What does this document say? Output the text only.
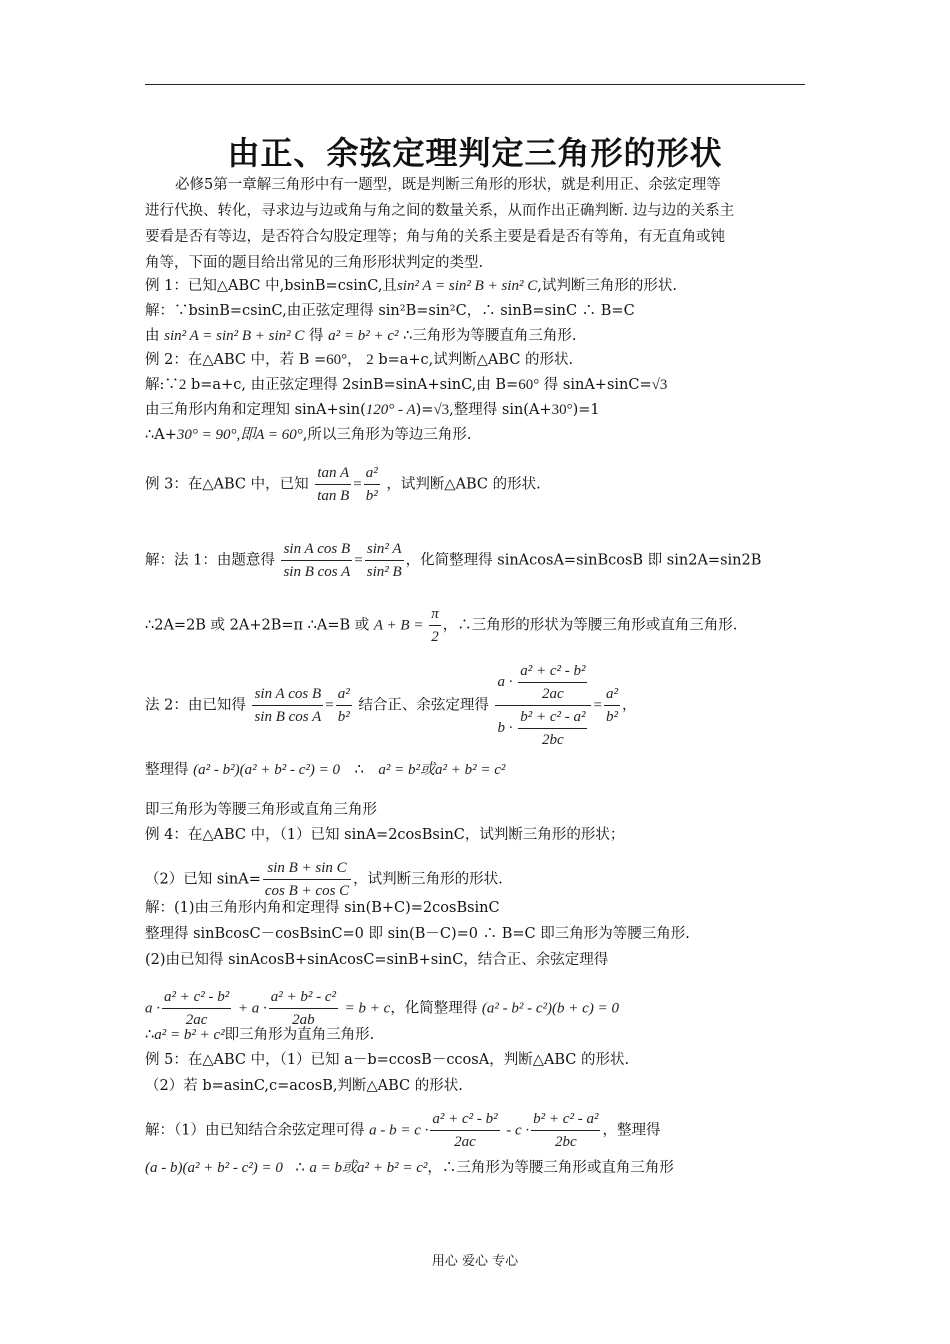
由正、余弦定理判定三角形的形状
必修5第一章解三角形中有一题型，既是判断三角形的形状，就是利用正、余弦定理等
进行代换、转化，寻求边与边或角与角之间的数量关系，从而作出正确判断. 边与边的关系主
要看是否有等边，是否符合勾股定理等；角与角的关系主要是看是否有等角，有无直角或钝
角等，下面的题目给出常见的三角形形状判定的类型.
例 1：已知△ABC 中,bsinB=csinC,且sin² A = sin² B + sin² C,试判断三角形的形状.
解：∵bsinB=csinC,由正弦定理得 sin²B=sin²C，∴ sinB=sinC ∴ B=C
由 sin² A = sin² B + sin² C 得 a² = b² + c² ∴三角形为等腰直角三角形.
例 2：在△ABC 中，若 B =60°， 2 b=a+c,试判断△ABC 的形状.
解:∵2 b=a+c, 由正弦定理得 2sinB=sinA+sinC,由 B=60° 得 sinA+sinC=√3
由三角形内角和定理知 sinA+sin(120° - A)=√3,整理得 sin(A+30°)=1
∴A+30° = 90°,即A = 60°,所以三角形为等边三角形.
例 3：在△ABC 中，已知 $\frac{\text{tan A}}{\text{tan B}} = \frac{\text{a²}}{\text{b²}}$ ，试判断△ABC 的形状.
解：法 1：由题意得 $\frac{\text{sin A cos B}}{\text{sin B cos A}} = \frac{\text{sin² A}}{\text{sin² B}}$ ，化简整理得 sinAcosA=sinBcosB 即 sin2A=sin2B
∴2A=2B 或 2A+2B=π ∴A=B 或 $A + B = \frac{\pi}{2}$ ，∴三角形的形状为等腰三角形或直角三角形.
法 2：由已知得 $\frac{\text{sin A cos B}}{\text{sin B cos A}} = \frac{\text{a²}}{\text{b²}}$ 结合正、余弦定理得 $\frac{a \cdot \frac{\text{a² + c² - b²}}{2ac}}{b \cdot \frac{\text{b² + c² - a²}}{2bc}} = \frac{\text{a²}}{\text{b²}}$ ，
整理得 (a² - b²)(a² + b² - c²) = 0 ∴ a² = b²或a² + b² = c²
即三角形为等腰三角形或直角三角形
例 4：在△ABC 中，（1）已知 sinA=2cosBsinC，试判断三角形的形状；
（2）已知 $\sin A= \frac{\text{sin B + sin C}}{\text{cos B + cos C}}$ ，试判断三角形的形状.
解：(1)由三角形内角和定理得 sin(B+C)=2cosBsinC
整理得 sinBcosC－cosBsinC=0 即 sin(B－C)=0 ∴ B=C 即三角形为等腰三角形.
(2)由已知得 sinAcosB+sinAcosC=sinB+sinC，结合正、余弦定理得
$a \cdot \frac{\text{a² + c² - b²}}{2ac} + a \cdot \frac{\text{a² + b² - c²}}{2ab} = b + c$，化简整理得 (a² - b² - c²)(b + c) = 0
∴a² = b² + c²即三角形为直角三角形.
例 5：在△ABC 中，（1）已知 a－b=ccosB－ccosA，判断△ABC 的形状.
（2）若 b=asinC,c=acosB,判断△ABC 的形状.
解：（1）由已知结合余弦定理可得 $a - b = c \cdot \frac{\text{a² + c² - b²}}{2ac} - c \cdot \frac{\text{b² + c² - a²}}{2bc}$ ，整理得
(a - b)(a² + b² - c²) = 0 ∴ a = b或a² + b² = c²，∴三角形为等腰三角形或直角三角形
用心 爱心 专心
